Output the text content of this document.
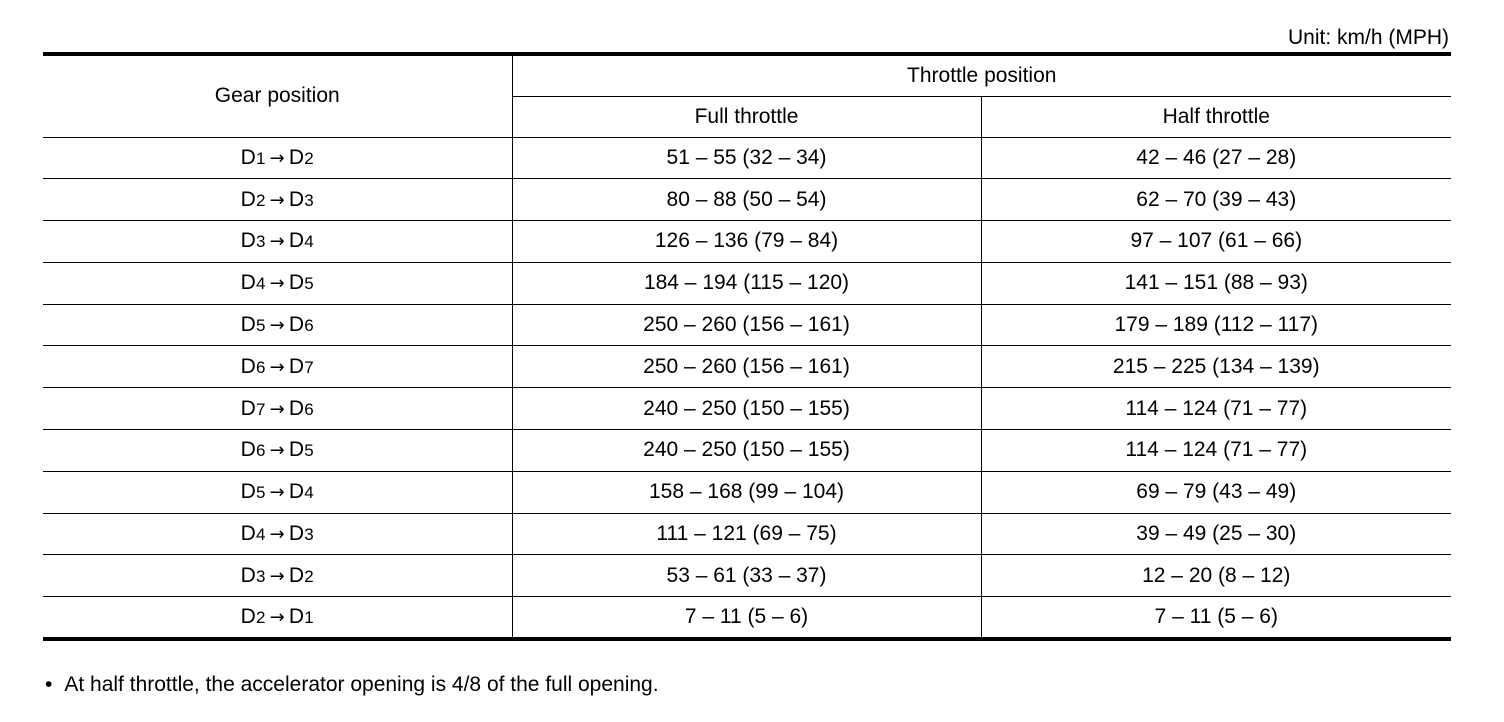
Unit: km/h (MPH)
Gear position	Throttle position	
	Full throttle	Half throttle
D1 → D2	51 – 55 (32 – 34)	42 – 46 (27 – 28)
D2 → D3	80 – 88 (50 – 54)	62 – 70 (39 – 43)
D3 → D4	126 – 136 (79 – 84)	97 – 107 (61 – 66)
D4 → D5	184 – 194 (115 – 120)	141 – 151 (88 – 93)
D5 → D6	250 – 260 (156 – 161)	179 – 189 (112 – 117)
D6 → D7	250 – 260 (156 – 161)	215 – 225 (134 – 139)
D7 → D6	240 – 250 (150 – 155)	114 – 124 (71 – 77)
D6 → D5	240 – 250 (150 – 155)	114 – 124 (71 – 77)
D5 → D4	158 – 168 (99 – 104)	69 – 79 (43 – 49)
D4 → D3	111 – 121 (69 – 75)	39 – 49 (25 – 30)
D3 → D2	53 – 61 (33 – 37)	12 – 20 (8 – 12)
D2 → D1	7 – 11 (5 – 6)	7 – 11 (5 – 6)
• At half throttle, the accelerator opening is 4/8 of the full opening.
